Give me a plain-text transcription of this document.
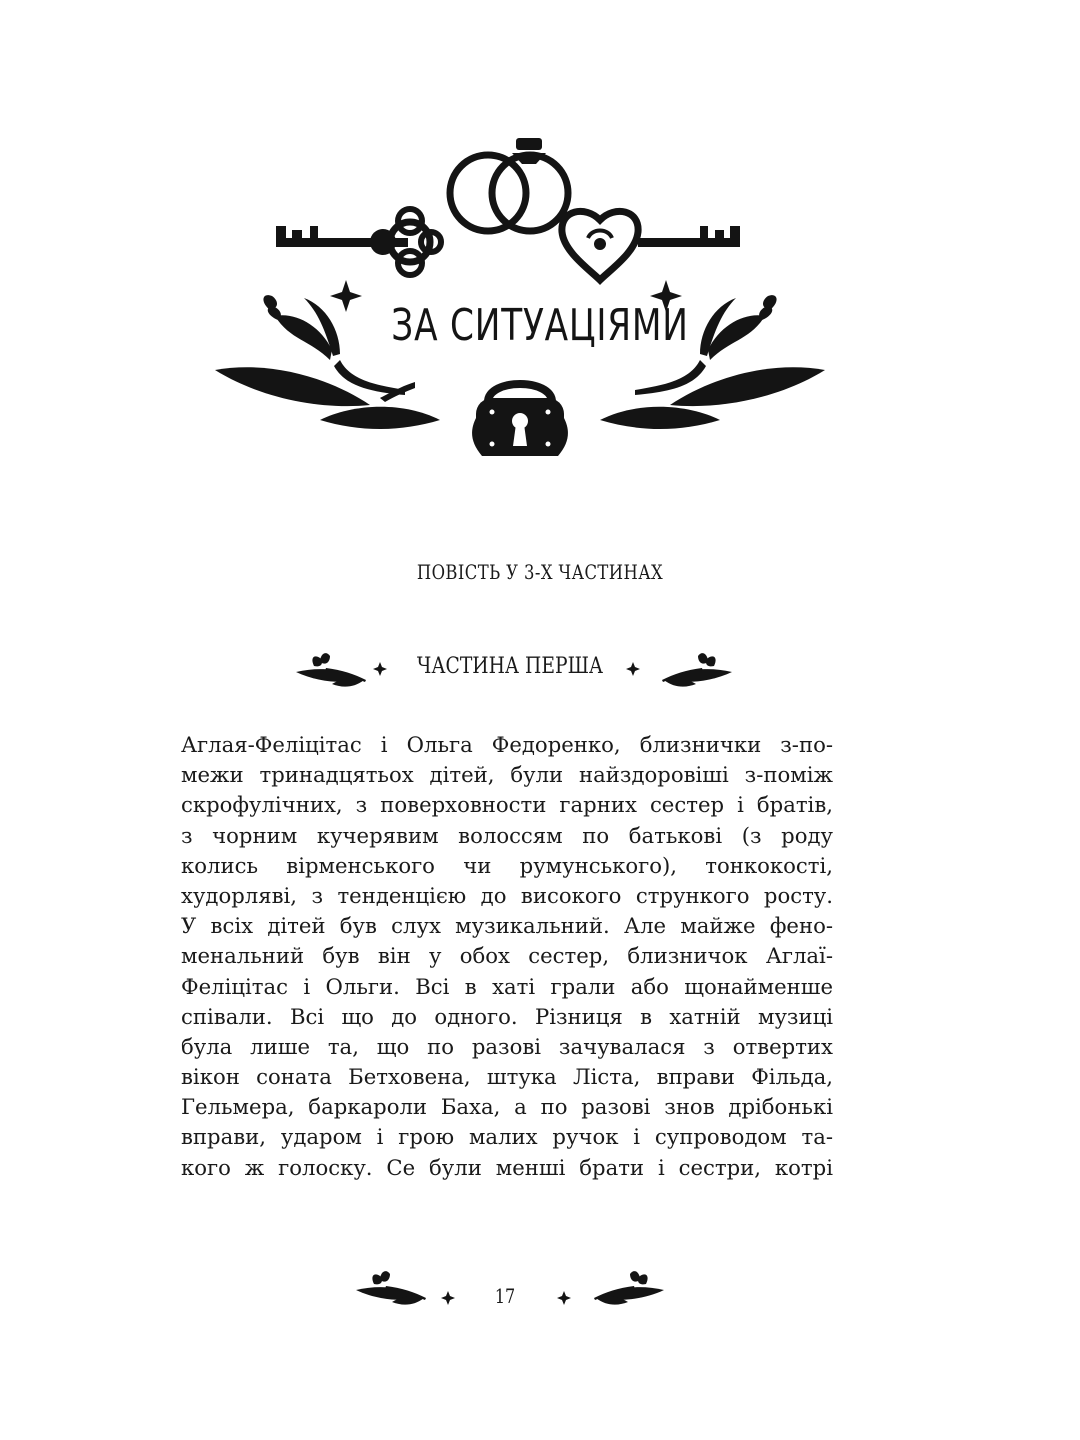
ЗА СИТУАЦІЯМИ
ПОВІСТЬ У 3-Х ЧАСТИНАХ
ЧАСТИНА ПЕРША
Аглая-Феліцітас і Ольга Федоренко, близнички з-по-
межи тринадцятьох дітей, були найздоровіші з-поміж
скрофулічних, з поверховности гарних сестер і братів,
з чорним кучерявим волоссям по батькові (з роду
колись вірменського чи румунського), тонкокості,
худорляві, з тенденцією до високого стрункого росту.
У всіх дітей був слух музикальний. Але майже фено-
менальний був він у обох сестер, близничок Аглаї-
Феліцітас і Ольги. Всі в хаті грали або щонайменше
співали. Всі що до одного. Різниця в хатній музиці
була лише та, що по разові зачувалася з отвертих
вікон соната Бетховена, штука Ліста, вправи Фільда,
Гельмера, баркароли Баха, а по разові знов дрібонькі
вправи, ударом і грою малих ручок і супроводом та-
кого ж голоску. Се були менші брати і сестри, котрі
17
